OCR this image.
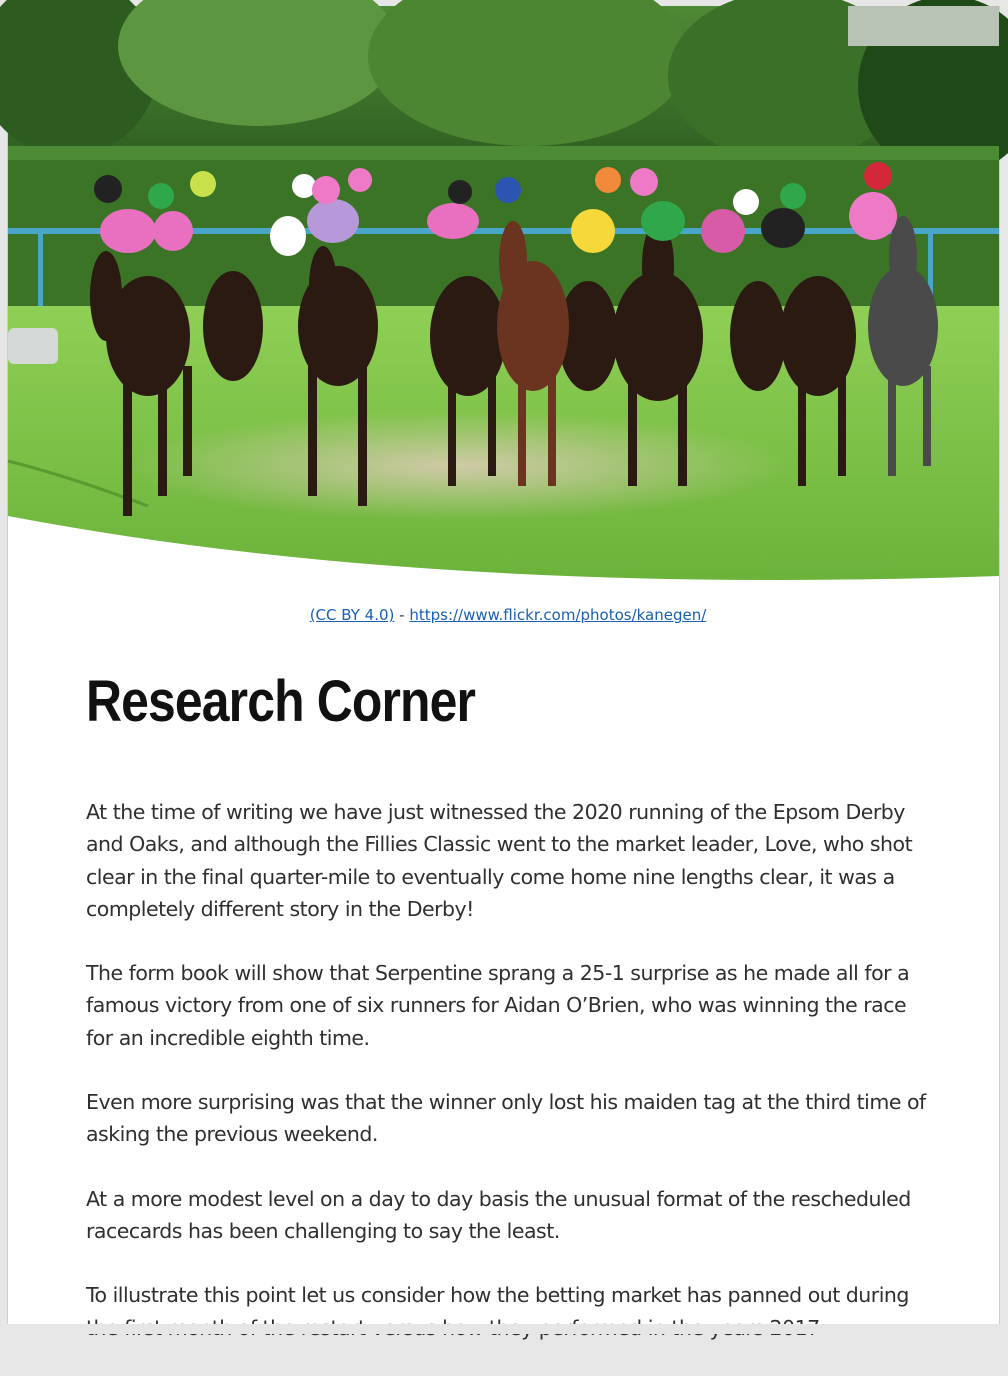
(CC BY 4.0) - https://www.flickr.com/photos/kanegen/
Research Corner

At the time of writing we have just witnessed the 2020 running of the Epsom Derby and Oaks, and although the Fillies Classic went to the market leader, Love, who shot clear in the final quarter-mile to eventually come home nine lengths clear, it was a completely different story in the Derby!

The form book will show that Serpentine sprang a 25-1 surprise as he made all for a famous victory from one of six runners for Aidan O’Brien, who was winning the race for an incredible eighth time.

Even more surprising was that the winner only lost his maiden tag at the third time of asking the previous weekend.

At a more modest level on a day to day basis the unusual format of the rescheduled racecards has been challenging to say the least.

To illustrate this point let us consider how the betting market has panned out during
